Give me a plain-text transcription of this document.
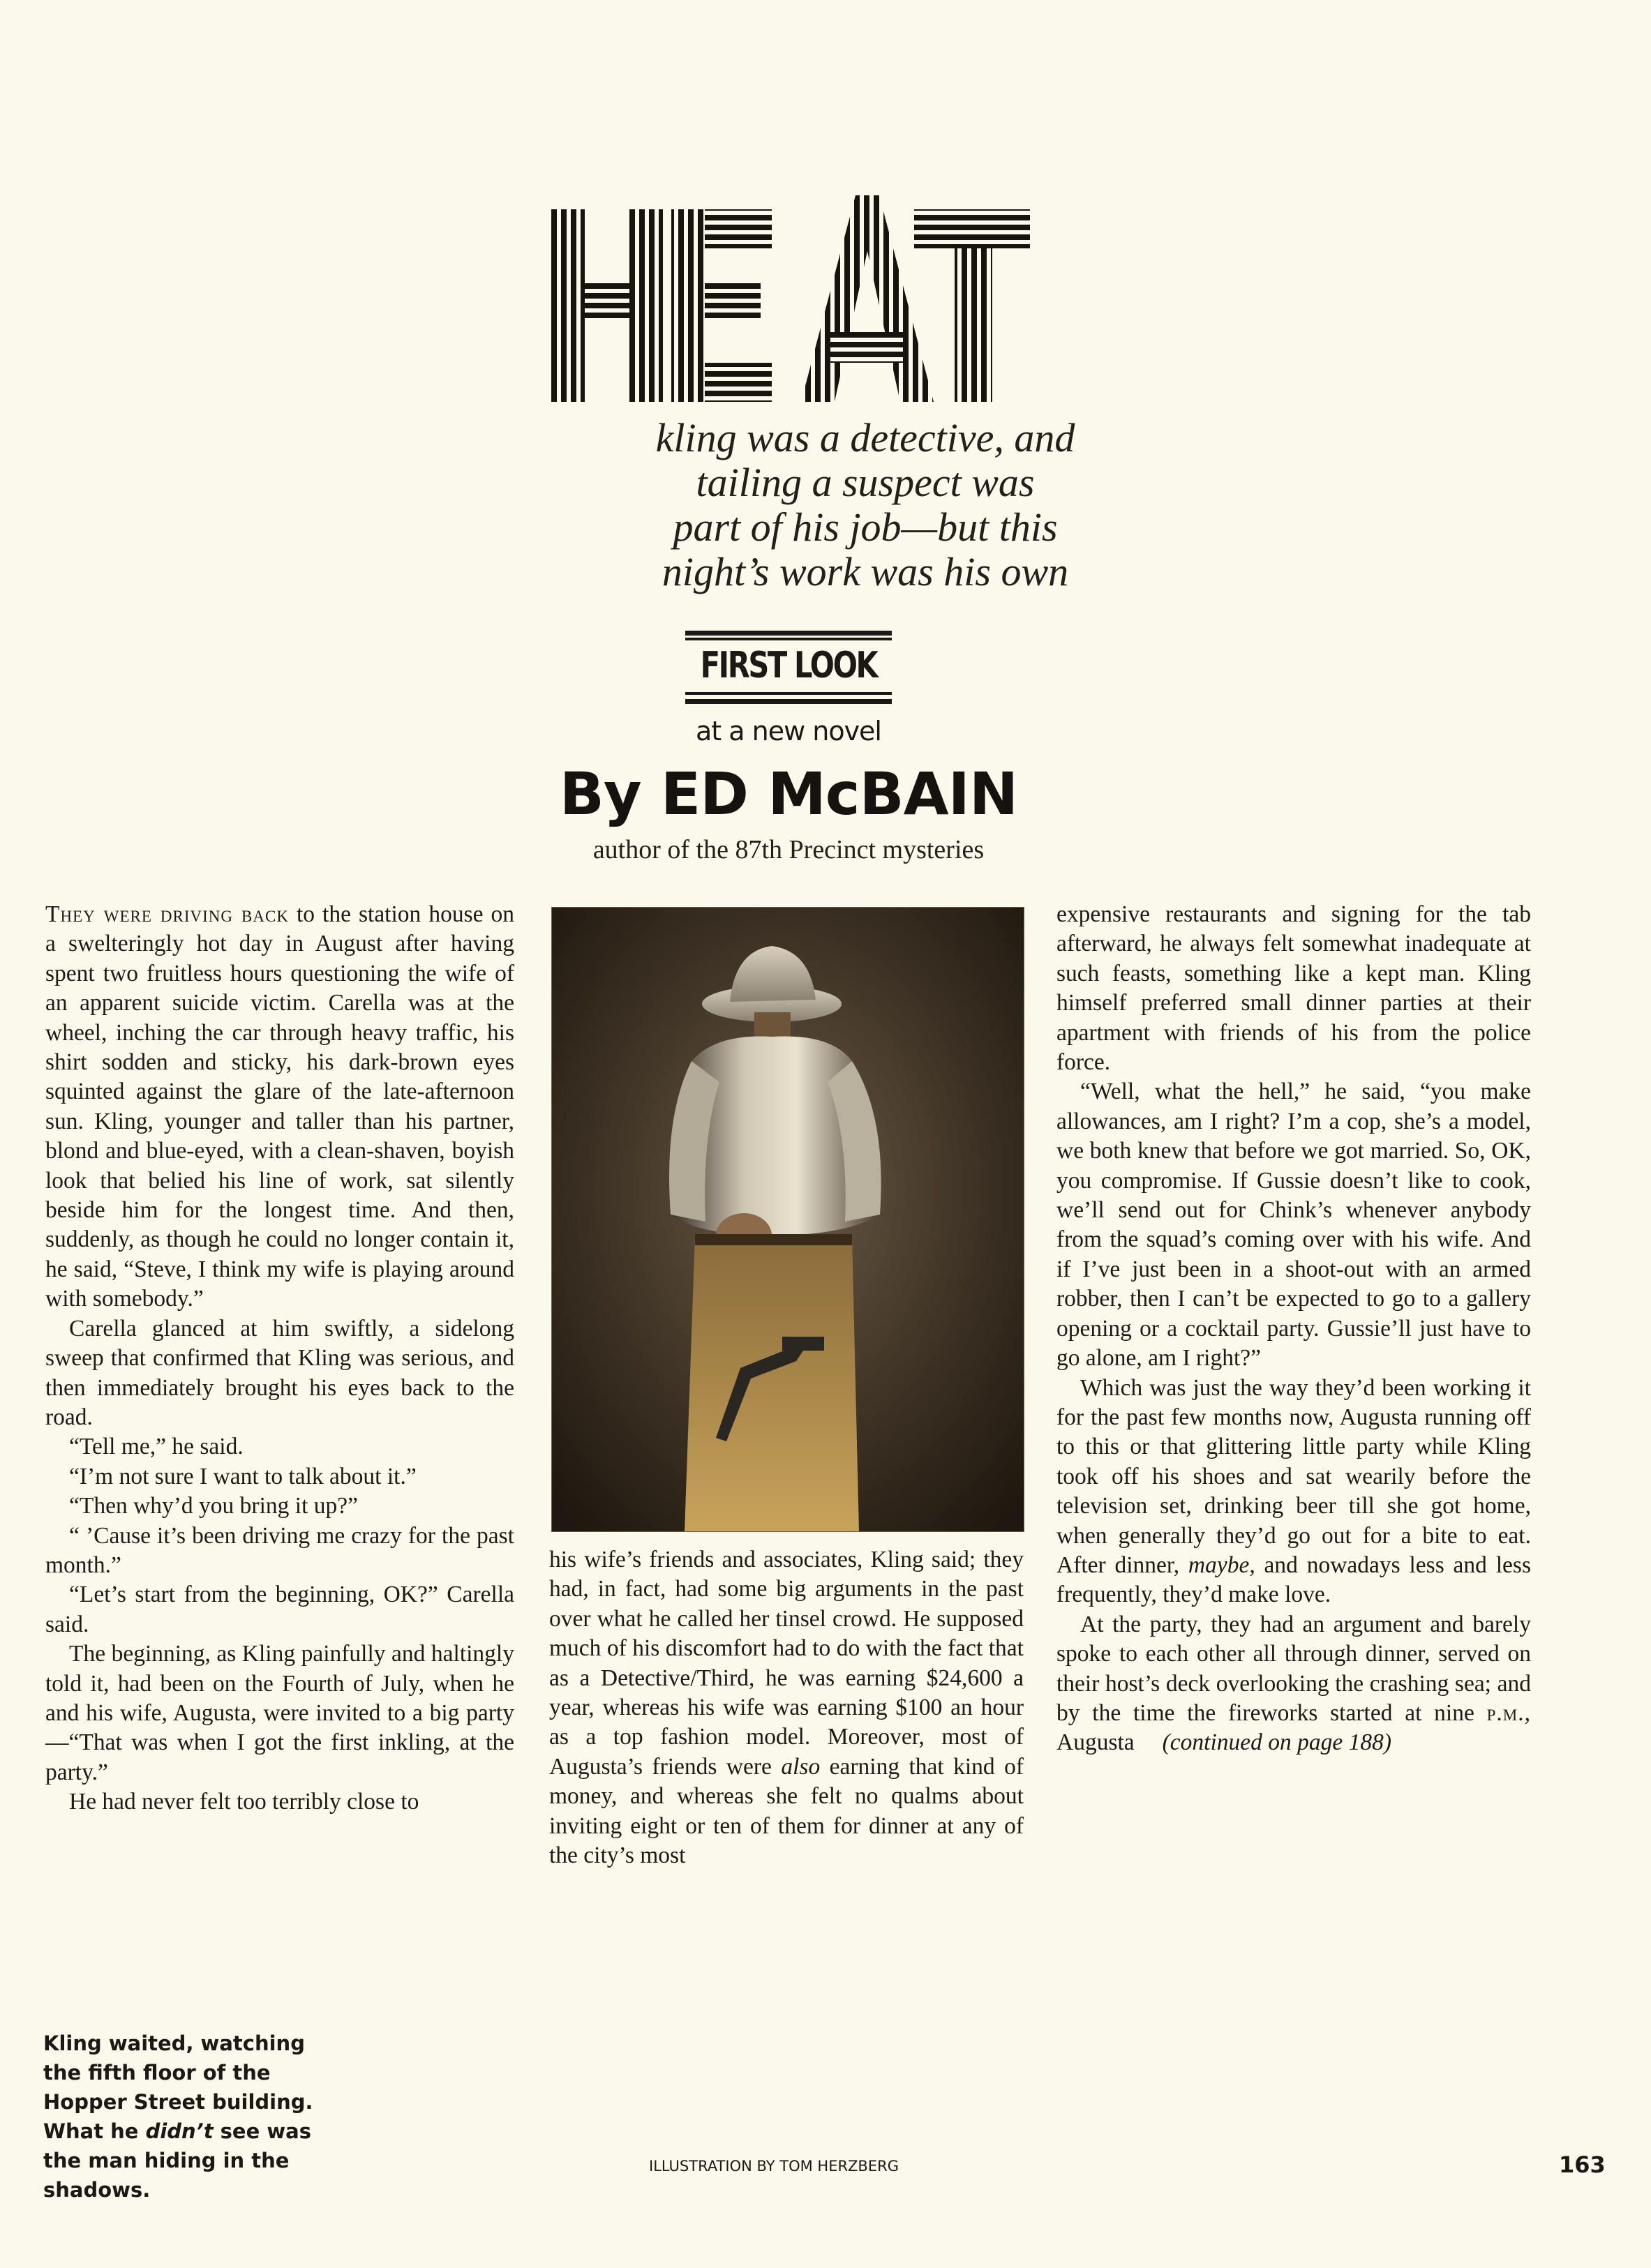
kling was a detective, and
tailing a suspect was
part of his job—but this
night’s work was his own
FIRST LOOK
at a new novel
By ED McBAIN
author of the 87th Precinct mysteries

They were driving back to the station house on a swelteringly hot day in August after having spent two fruitless hours questioning the wife of an apparent suicide victim. Carella was at the wheel, inching the car through heavy traffic, his shirt sodden and sticky, his dark-brown eyes squinted against the glare of the late-afternoon sun. Kling, younger and taller than his partner, blond and blue-eyed, with a clean-shaven, boyish look that belied his line of work, sat silently beside him for the longest time. And then, suddenly, as though he could no longer contain it, he said, “Steve, I think my wife is playing around with somebody.”

Carella glanced at him swiftly, a sidelong sweep that confirmed that Kling was serious, and then immediately brought his eyes back to the road.

“Tell me,” he said.

“I’m not sure I want to talk about it.”

“Then why’d you bring it up?”

“ ’Cause it’s been driving me crazy for the past month.”

“Let’s start from the beginning, OK?” Carella said.

The beginning, as Kling painfully and haltingly told it, had been on the Fourth of July, when he and his wife, Augusta, were invited to a big party—“That was when I got the first inkling, at the party.”

He had never felt too terribly close to

his wife’s friends and associates, Kling said; they had, in fact, had some big arguments in the past over what he called her tinsel crowd. He supposed much of his discomfort had to do with the fact that as a Detective/Third, he was earning $24,600 a year, whereas his wife was earning $100 an hour as a top fashion model. Moreover, most of Augusta’s friends were also earning that kind of money, and whereas she felt no qualms about inviting eight or ten of them for dinner at any of the city’s most

expensive restaurants and signing for the tab afterward, he always felt somewhat inadequate at such feasts, something like a kept man. Kling himself preferred small dinner parties at their apartment with friends of his from the police force.

“Well, what the hell,” he said, “you make allowances, am I right? I’m a cop, she’s a model, we both knew that before we got married. So, OK, you compromise. If Gussie doesn’t like to cook, we’ll send out for Chink’s whenever anybody from the squad’s coming over with his wife. And if I’ve just been in a shoot-out with an armed robber, then I can’t be expected to go to a gallery opening or a cocktail party. Gussie’ll just have to go alone, am I right?”

Which was just the way they’d been working it for the past few months now, Augusta running off to this or that glittering little party while Kling took off his shoes and sat wearily before the television set, drinking beer till she got home, when generally they’d go out for a bite to eat. After dinner, maybe, and nowadays less and less frequently, they’d make love.

At the party, they had an argument and barely spoke to each other all through dinner, served on their host’s deck overlooking the crashing sea; and by the time the fireworks started at nine p.m., Augusta (continued on page 188)

Kling waited, watching the fifth floor of the Hopper Street building. What he didn’t see was the man hiding in the shadows.
ILLUSTRATION BY TOM HERZBERG	163
